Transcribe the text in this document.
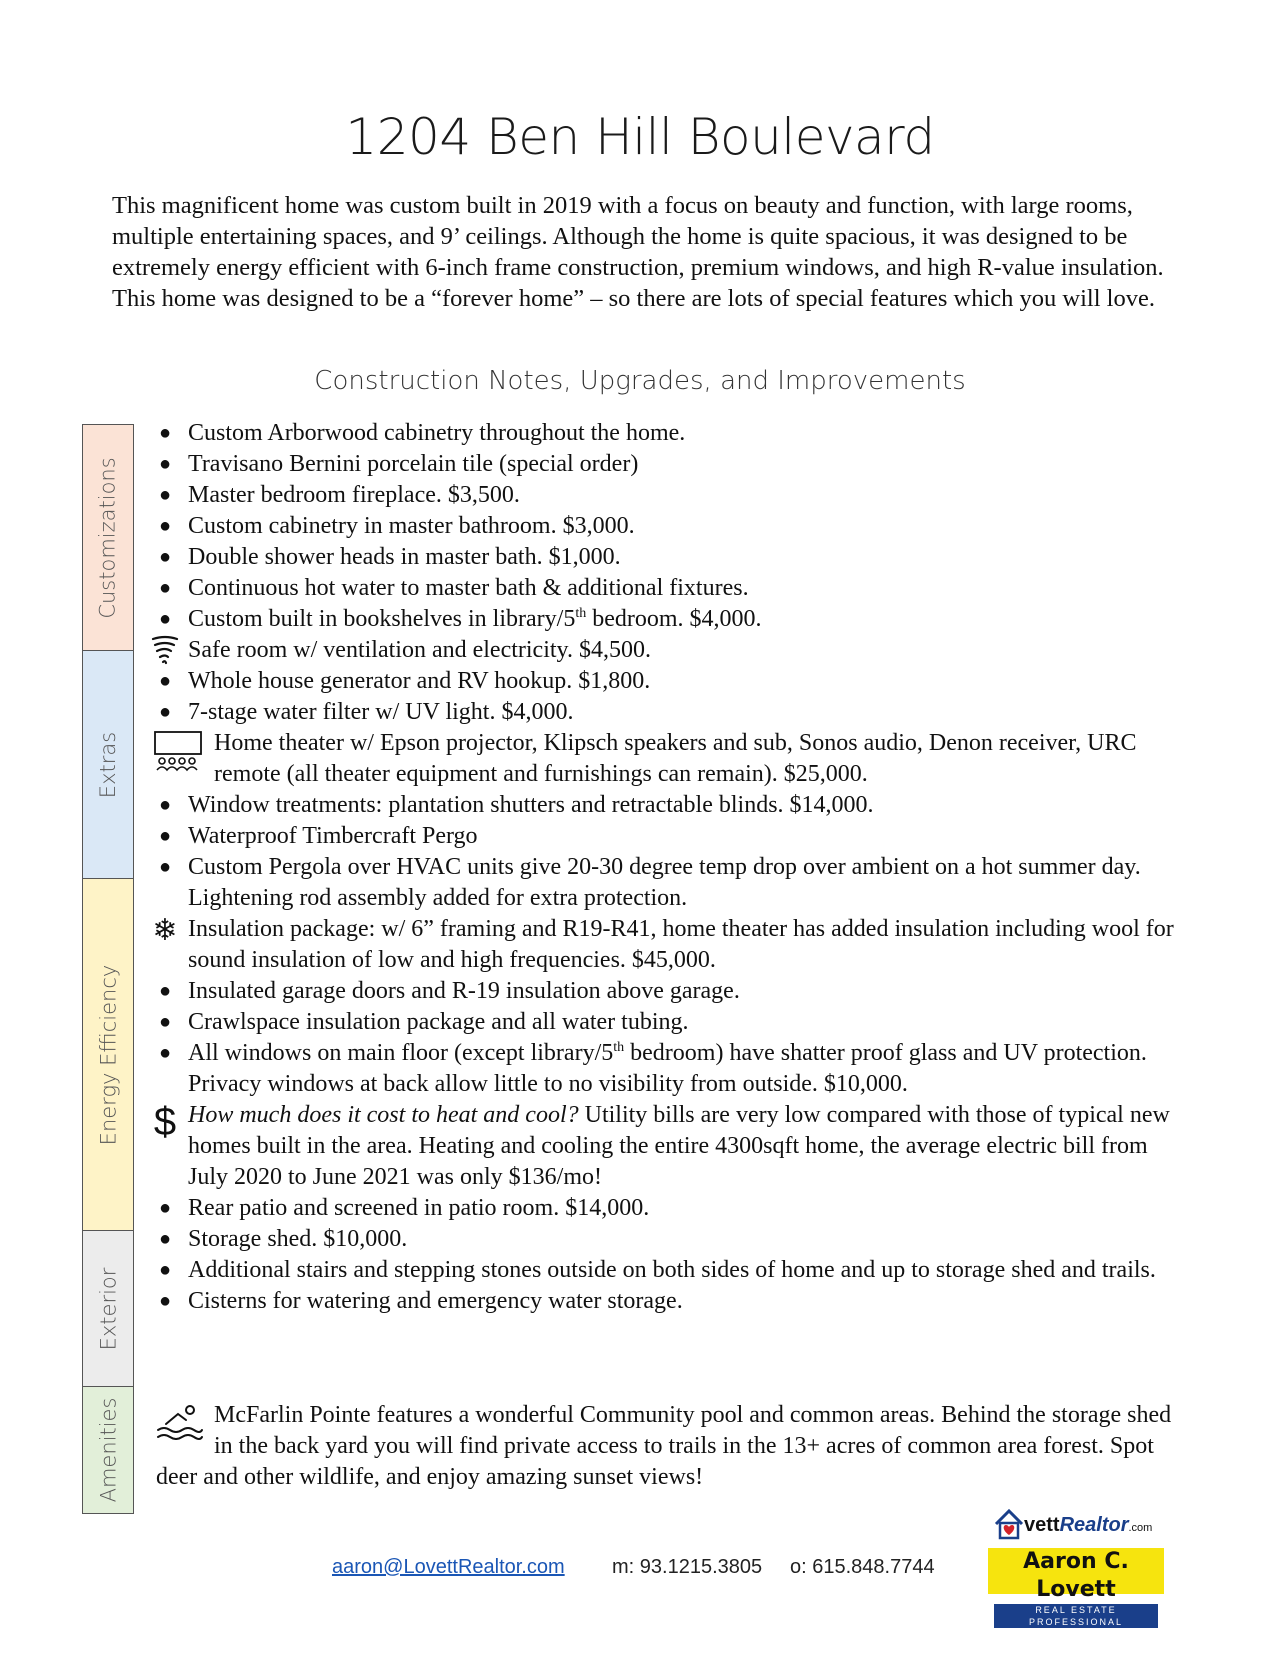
1204 Ben Hill Boulevard
This magnificent home was custom built in 2019 with a focus on beauty and function, with large rooms, multiple entertaining spaces, and 9’ ceilings. Although the home is quite spacious, it was designed to be extremely energy efficient with 6-inch frame construction, premium windows, and high R-value insulation. This home was designed to be a “forever home” – so there are lots of special features which you will love.
Construction Notes, Upgrades, and Improvements
Customizations
Extras
Energy Efficiency
Exterior
Amenities

● Custom Arborwood cabinetry throughout the home.

● Travisano Bernini porcelain tile (special order)

● Master bedroom fireplace. $3,500.

● Custom cabinetry in master bathroom. $3,000.

● Double shower heads in master bath. $1,000.

● Continuous hot water to master bath & additional fixtures.

● Custom built in bookshelves in library/5th bedroom. $4,000.

Safe room w/ ventilation and electricity. $4,500.

● Whole house generator and RV hookup. $1,800.

● 7-stage water filter w/ UV light. $4,000.

Home theater w/ Epson projector, Klipsch speakers and sub, Sonos audio, Denon receiver, URC remote (all theater equipment and furnishings can remain). $25,000.

● Window treatments: plantation shutters and retractable blinds. $14,000.

● Waterproof Timbercraft Pergo

● Custom Pergola over HVAC units give 20-30 degree temp drop over ambient on a hot summer day. Lightening rod assembly added for extra protection.

❄ Insulation package: w/ 6” framing and R19-R41, home theater has added insulation including wool for sound insulation of low and high frequencies. $45,000.

● Insulated garage doors and R-19 insulation above garage.

● Crawlspace insulation package and all water tubing.

● All windows on main floor (except library/5th bedroom) have shatter proof glass and UV protection. Privacy windows at back allow little to no visibility from outside. $10,000.

$ How much does it cost to heat and cool? Utility bills are very low compared with those of typical new homes built in the area. Heating and cooling the entire 4300sqft home, the average electric bill from July 2020 to June 2021 was only $136/mo!

● Rear patio and screened in patio room. $14,000.

● Storage shed. $10,000.

● Additional stairs and stepping stones outside on both sides of home and up to storage shed and trails.

● Cisterns for watering and emergency water storage.

McFarlin Pointe features a wonderful Community pool and common areas. Behind the storage shed in the back yard you will find private access to trails in the 13+ acres of common area forest. Spot deer and other wildlife, and enjoy amazing sunset views!
aaron@LovettRealtor.com m: 93.1215.3805 o: 615.848.7744
vettRealtor.com
Aaron C. Lovett
REAL ESTATE PROFESSIONAL
